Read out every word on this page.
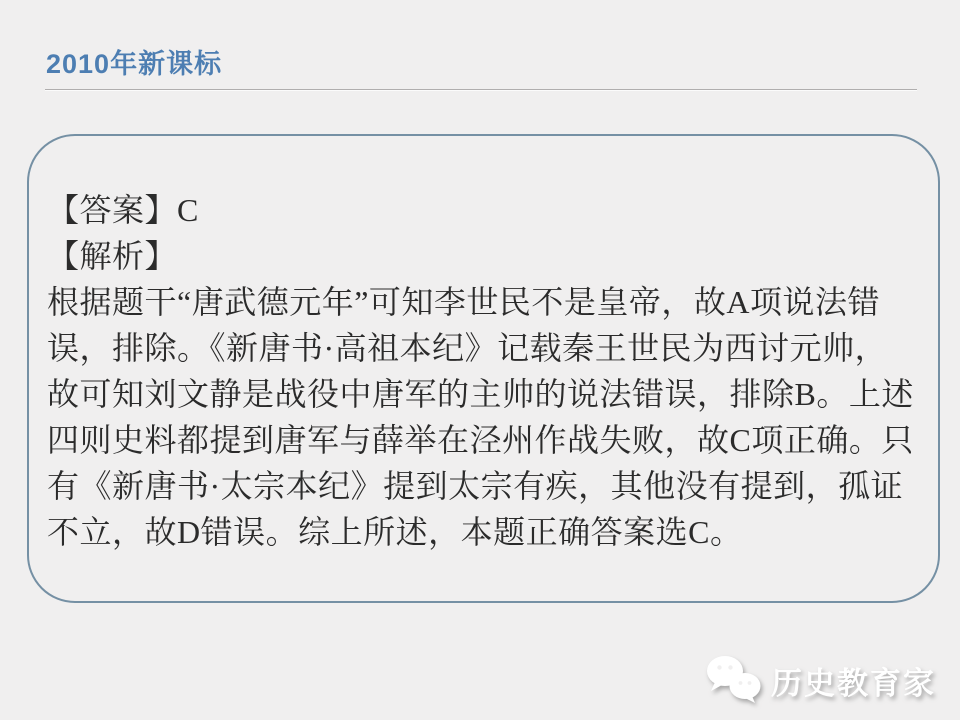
2010年新课标
【答案】C
【解析】
根据题干“唐武德元年”可知李世民不是皇帝，故A项说法错
误，排除。《新唐书·高祖本纪》记载秦王世民为西讨元帅，
故可知刘文静是战役中唐军的主帅的说法错误，排除B。上述
四则史料都提到唐军与薛举在泾州作战失败，故C项正确。只
有《新唐书·太宗本纪》提到太宗有疾，其他没有提到，孤证
不立，故D错误。综上所述，本题正确答案选C。
历史教育家
